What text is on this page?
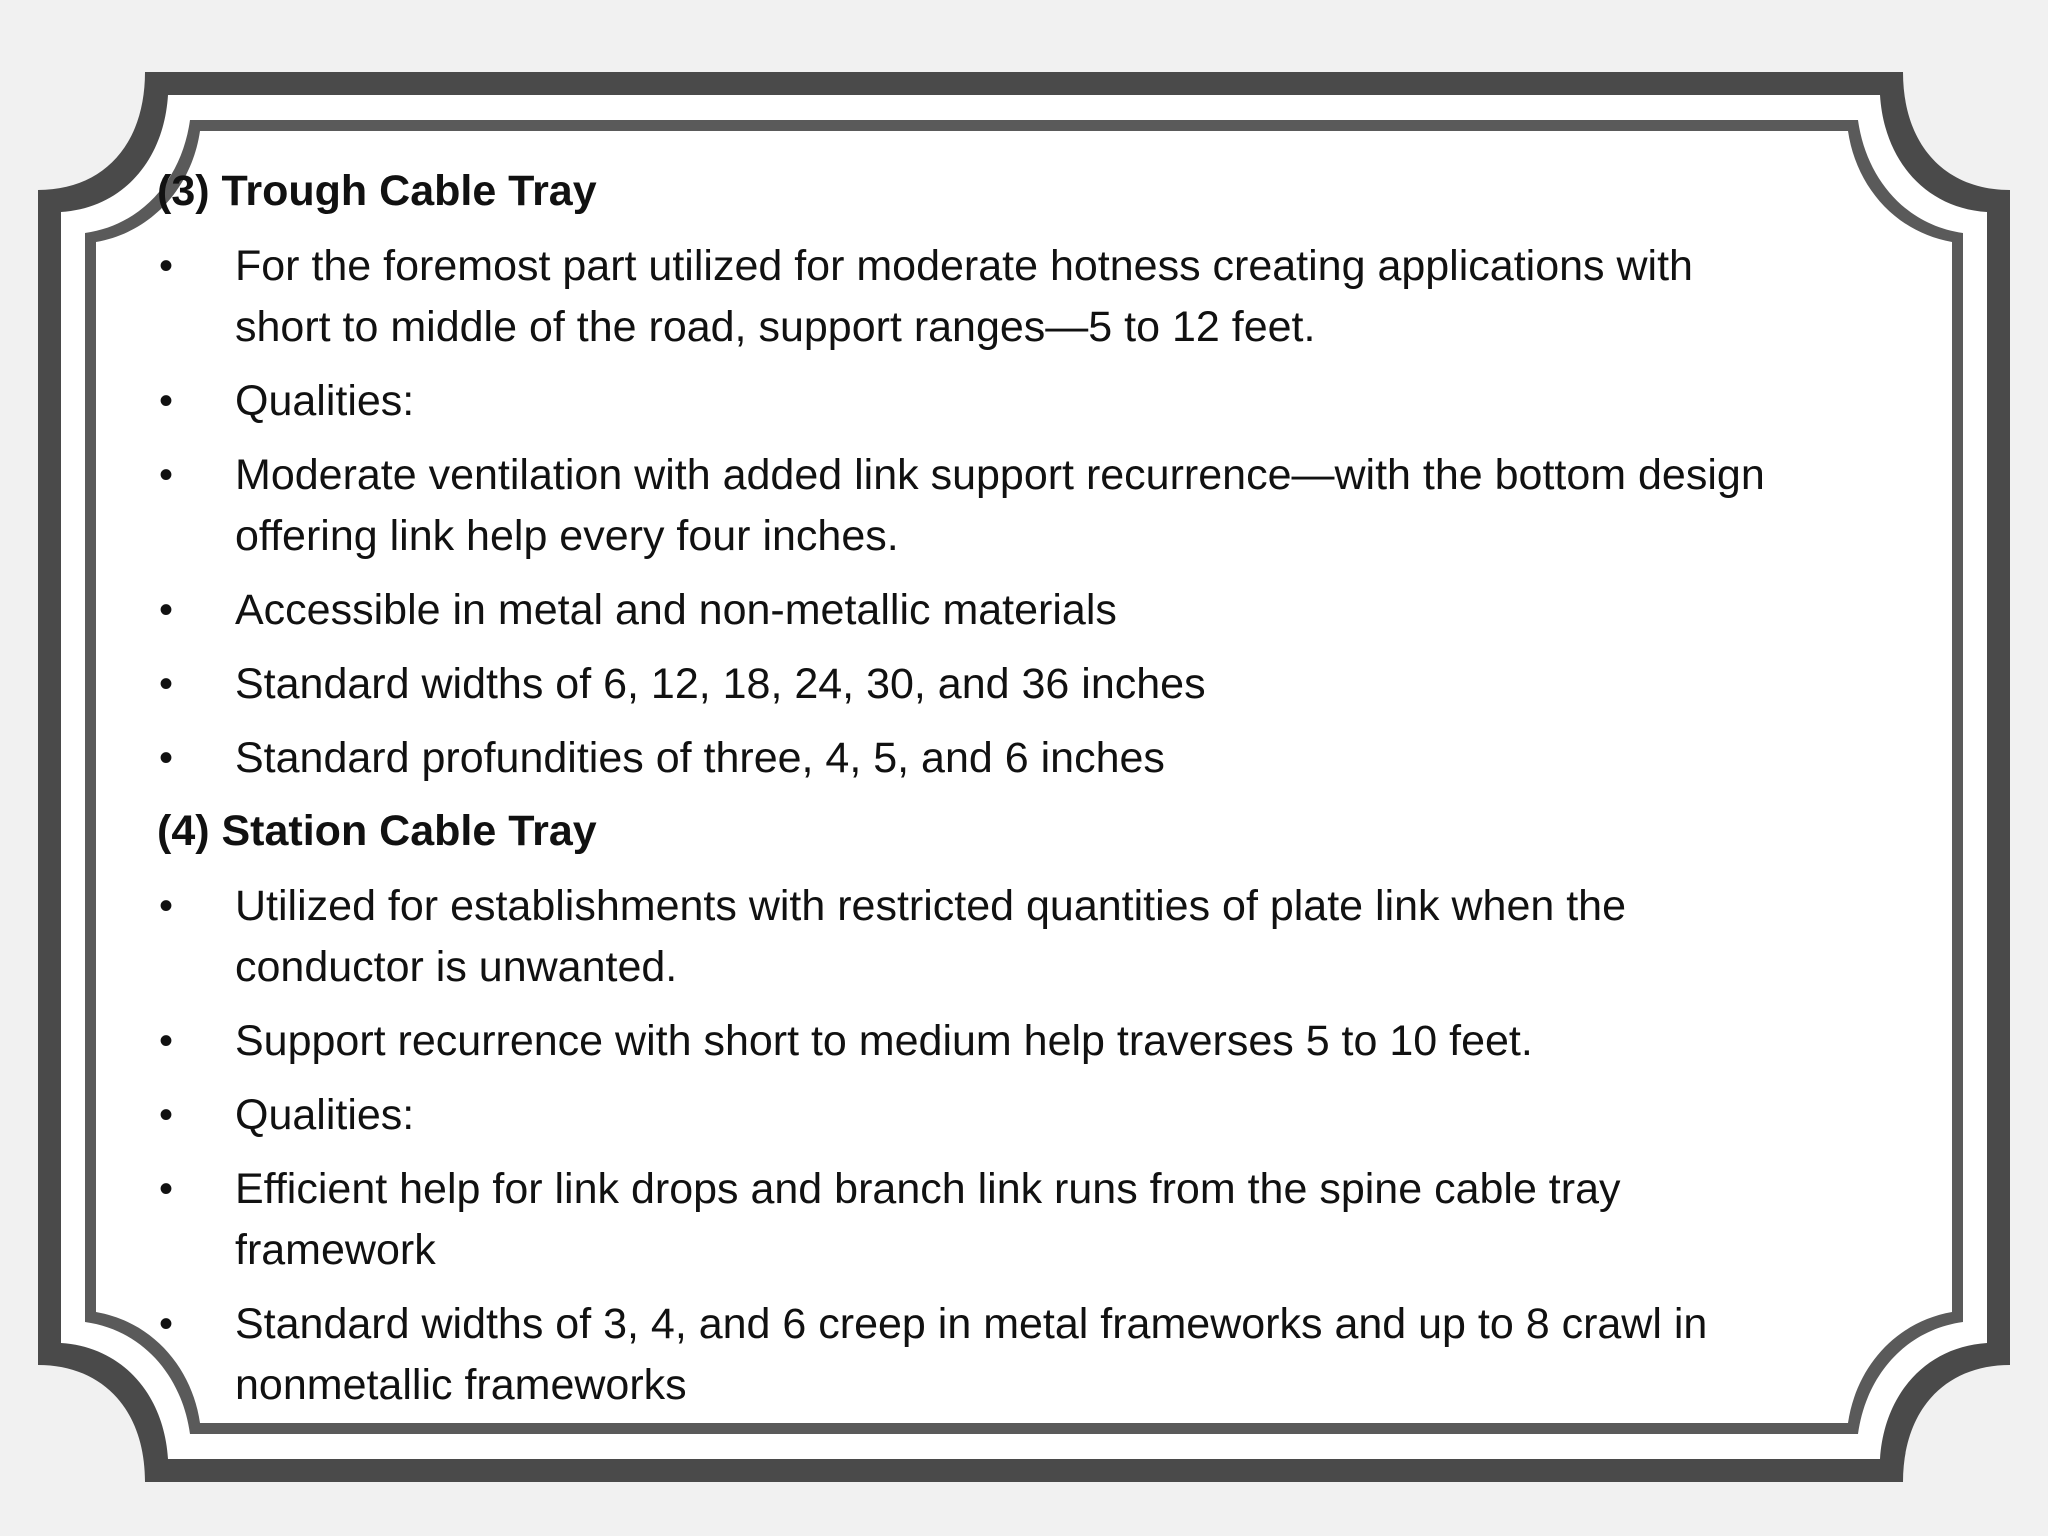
(3) Trough Cable Tray
•	For the foremost part utilized for moderate hotness creating applications with
short to middle of the road, support ranges—5 to 12 feet.
•	Qualities:
•	Moderate ventilation with added link support recurrence—with the bottom design
offering link help every four inches.
•	Accessible in metal and non-metallic materials
•	Standard widths of 6, 12, 18, 24, 30, and 36 inches
•	Standard profundities of three, 4, 5, and 6 inches
(4) Station Cable Tray
•	Utilized for establishments with restricted quantities of plate link when the
conductor is unwanted.
•	Support recurrence with short to medium help traverses 5 to 10 feet.
•	Qualities:
•	Efficient help for link drops and branch link runs from the spine cable tray
framework
•	Standard widths of 3, 4, and 6 creep in metal frameworks and up to 8 crawl in
nonmetallic frameworks
